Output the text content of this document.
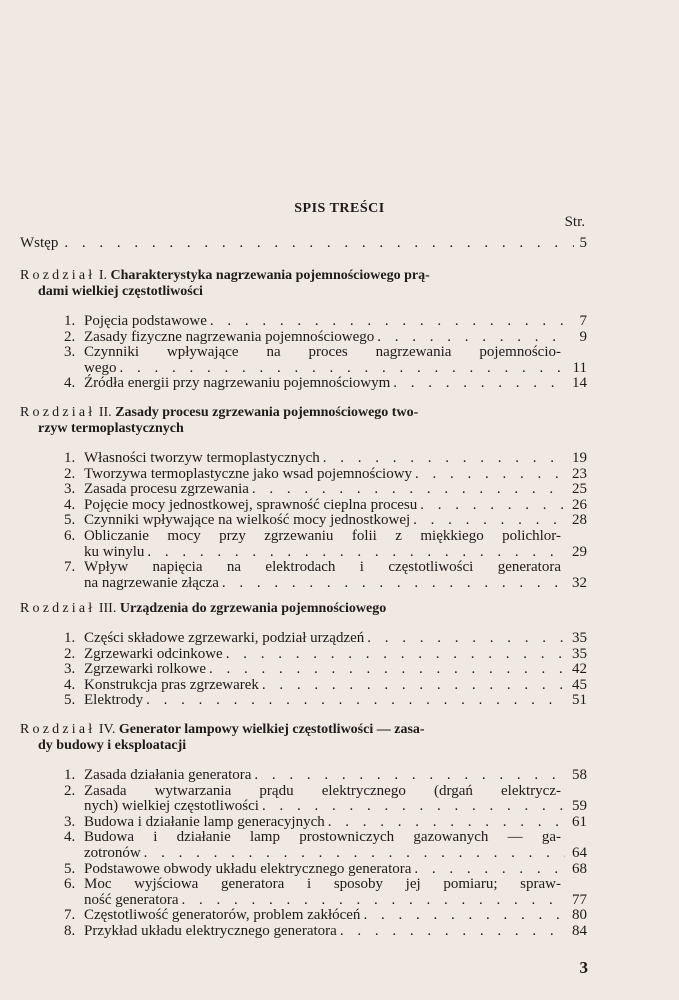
SPIS TREŚCI
Str.
Wstęp . . .	5
Rozdział I. Charakterystyka nagrzewania pojemnościowego prą-
dami wielkiej częstotliwości
1. Pojęcia podstawowe . . .	7
2. Zasady fizyczne nagrzewania pojemnościowego . . .	9
3. Czynniki wpływające na proces nagrzewania pojemnościo-
wego . . .	11
4. Źródła energii przy nagrzewaniu pojemnościowym . . .	14
Rozdział II. Zasady procesu zgrzewania pojemnościowego two-
rzyw termoplastycznych
1. Własności tworzyw termoplastycznych . . .	19
2. Tworzywa termoplastyczne jako wsad pojemnościowy . . .	23
3. Zasada procesu zgrzewania . . .	25
4. Pojęcie mocy jednostkowej, sprawność cieplna procesu . . .	26
5. Czynniki wpływające na wielkość mocy jednostkowej . . .	28
6. Obliczanie mocy przy zgrzewaniu folii z miękkiego polichlor-
ku winylu . . .	29
7. Wpływ napięcia na elektrodach i częstotliwości generatora
na nagrzewanie złącza . . .	32
Rozdział III. Urządzenia do zgrzewania pojemnościowego
1. Części składowe zgrzewarki, podział urządzeń . . .	35
2. Zgrzewarki odcinkowe . . .	35
3. Zgrzewarki rolkowe . . .	42
4. Konstrukcja pras zgrzewarek . . .	45
5. Elektrody . . .	51
Rozdział IV. Generator lampowy wielkiej częstotliwości — zasa-
dy budowy i eksploatacji
1. Zasada działania generatora . . .	58
2. Zasada wytwarzania prądu elektrycznego (drgań elektrycz-
nych) wielkiej częstotliwości . . .	59
3. Budowa i działanie lamp generacyjnych . . .	61
4. Budowa i działanie lamp prostowniczych gazowanych — ga-
zotronów . . .	64
5. Podstawowe obwody układu elektrycznego generatora . . .	68
6. Moc wyjściowa generatora i sposoby jej pomiaru; spraw-
ność generatora . . .	77
7. Częstotliwość generatorów, problem zakłóceń . . .	80
8. Przykład układu elektrycznego generatora . . .	84
3
